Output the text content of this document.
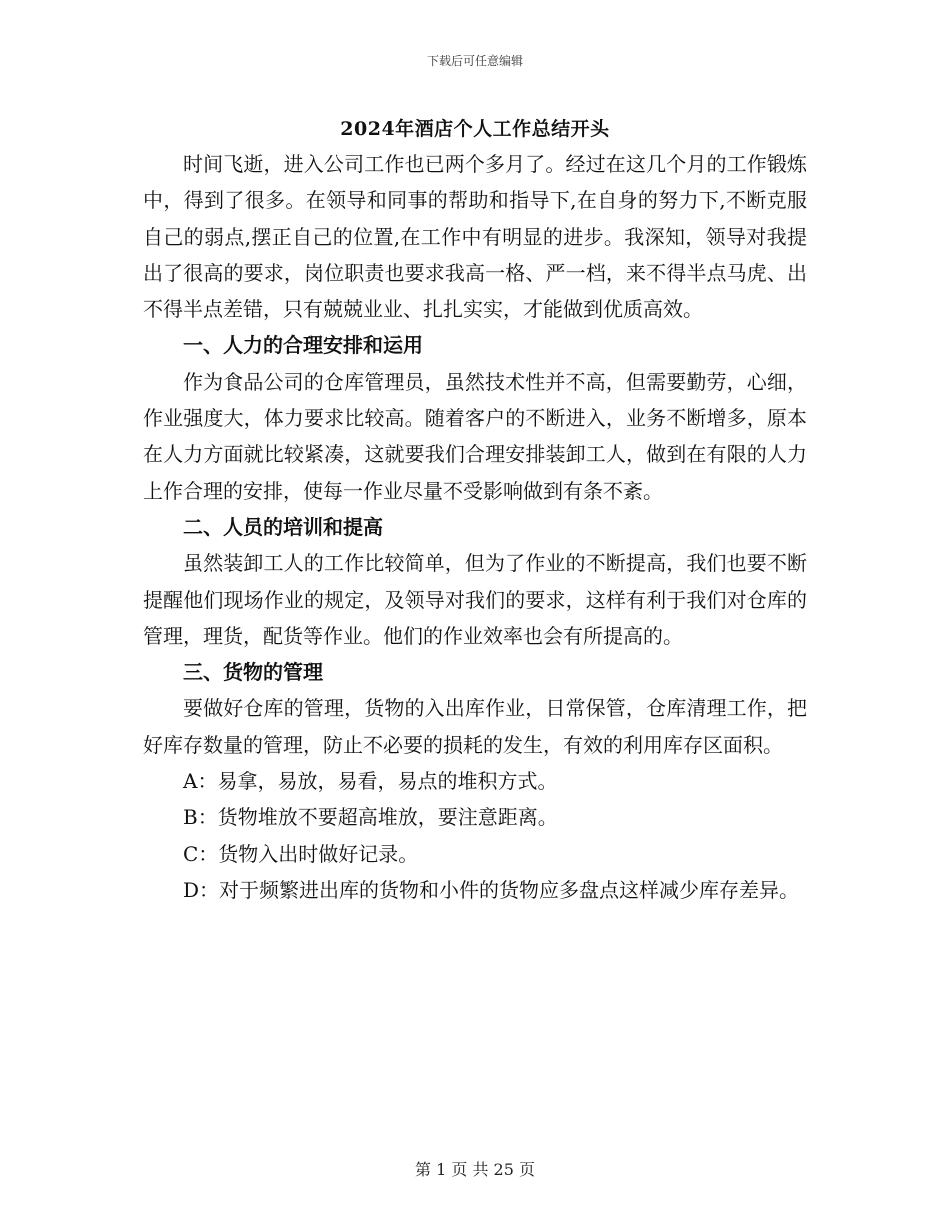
下载后可任意编辑
2024年酒店个人工作总结开头

时间飞逝，进入公司工作也已两个多月了。经过在这几个月的工作锻炼中，得到了很多。在领导和同事的帮助和指导下,在自身的努力下,不断克服自己的弱点,摆正自己的位置,在工作中有明显的进步。我深知，领导对我提出了很高的要求，岗位职责也要求我高一格、严一档，来不得半点马虎、出不得半点差错，只有兢兢业业、扎扎实实，才能做到优质高效。

一、人力的合理安排和运用

作为食品公司的仓库管理员，虽然技术性并不高，但需要勤劳，心细，作业强度大，体力要求比较高。随着客户的不断进入，业务不断增多，原本在人力方面就比较紧凑，这就要我们合理安排装卸工人，做到在有限的人力上作合理的安排，使每一作业尽量不受影响做到有条不紊。

二、人员的培训和提高

虽然装卸工人的工作比较简单，但为了作业的不断提高，我们也要不断提醒他们现场作业的规定，及领导对我们的要求，这样有利于我们对仓库的管理，理货，配货等作业。他们的作业效率也会有所提高的。

三、货物的管理

要做好仓库的管理，货物的入出库作业，日常保管，仓库清理工作，把好库存数量的管理，防止不必要的损耗的发生，有效的利用库存区面积。

A：易拿，易放，易看，易点的堆积方式。

B：货物堆放不要超高堆放，要注意距离。

C：货物入出时做好记录。

D：对于频繁进出库的货物和小件的货物应多盘点这样减少库存差异。

第 1 页 共 25 页
